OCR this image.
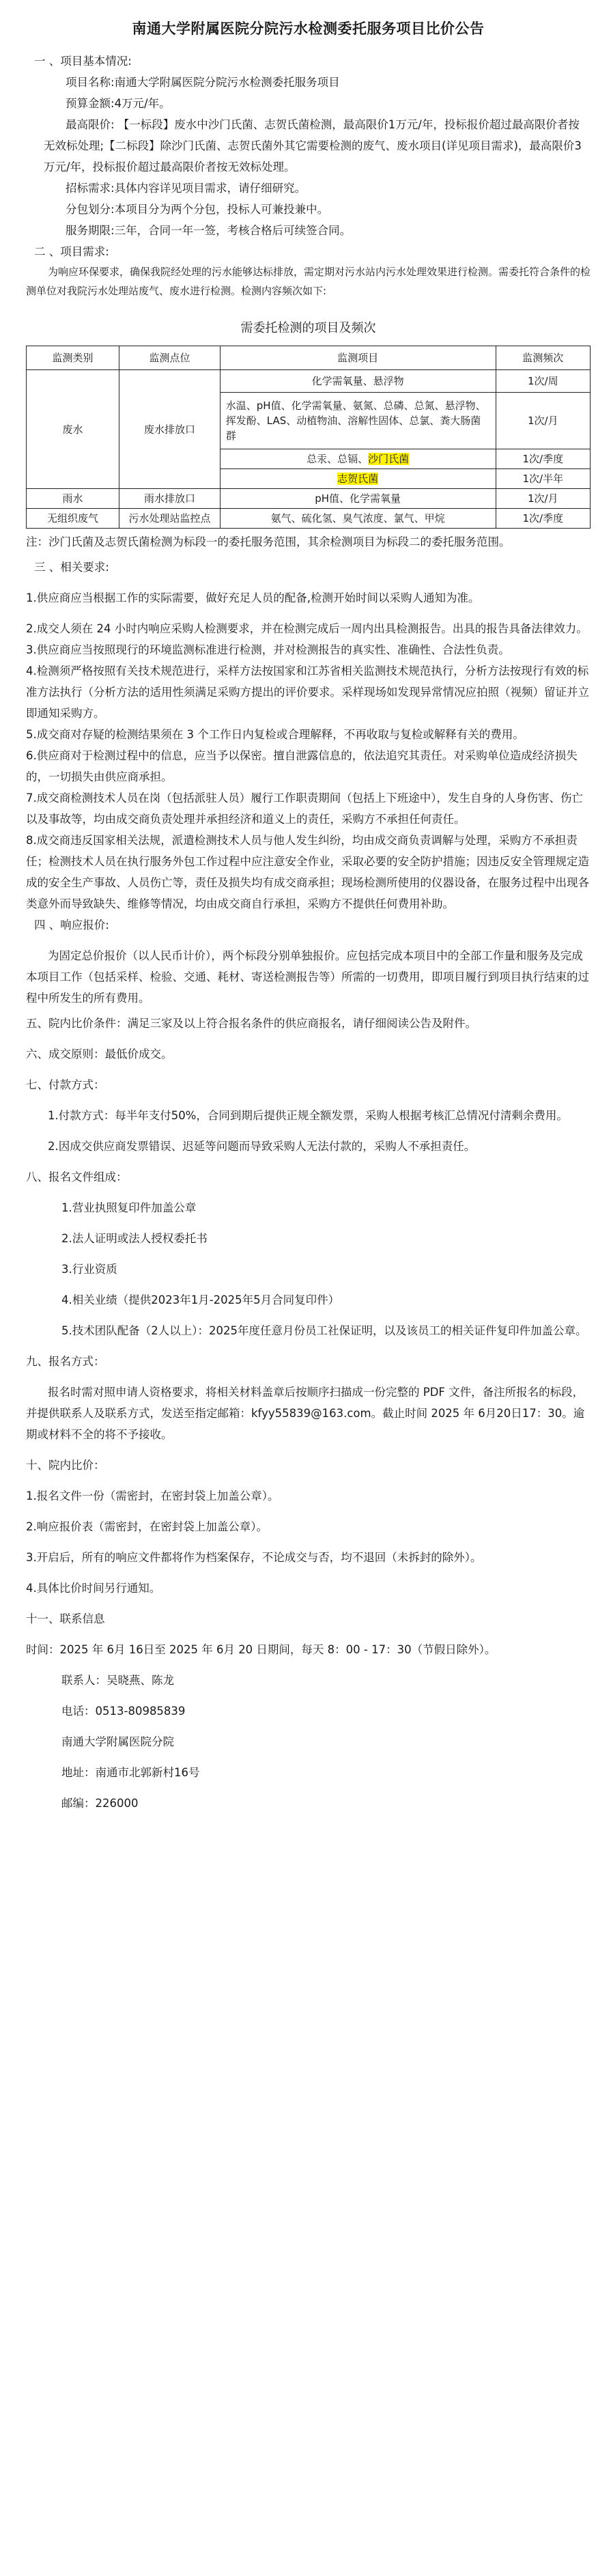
南通大学附属医院分院污水检测委托服务项目比价公告

一 、项目基本情况:

项目名称:南通大学附属医院分院污水检测委托服务项目

预算金额:4万元/年。

最高限价: 【一标段】废水中沙门氏菌、志贺氏菌检测，最高限价1万元/年，投标报价超过最高限价者按无效标处理;【二标段】除沙门氏菌、志贺氏菌外其它需要检测的废气、废水项目(详见项目需求)，最高限价3万元/年，投标报价超过最高限价者按无效标处理。

招标需求:具体内容详见项目需求，请仔细研究。

分包划分:本项目分为两个分包，投标人可兼投兼中。

服务期限:三年，合同一年一签，考核合格后可续签合同。

二 、项目需求:

为响应环保要求，确保我院经处理的污水能够达标排放，需定期对污水站内污水处理效果进行检测。需委托符合条件的检测单位对我院污水处理站废气、废水进行检测。检测内容频次如下:

需委托检测的项目及频次
监测类别	监测点位	监测项目	监测频次
废水	废水排放口	化学需氧量、悬浮物	1次/周
		水温、pH值、化学需氧量、氨氮、总磷、总氮、悬浮物、挥发酚、LAS、动植物油、溶解性固体、总氯、粪大肠菌群	1次/月
		总汞、总镉、沙门氏菌	1次/季度
		志贺氏菌	1次/半年
雨水	雨水排放口	pH值、化学需氧量	1次/月
无组织废气	污水处理站监控点	氨气、硫化氢、臭气浓度、氯气、甲烷	1次/季度

注：沙门氏菌及志贺氏菌检测为标段一的委托服务范围，其余检测项目为标段二的委托服务范围。

三 、相关要求:

1.供应商应当根据工作的实际需要，做好充足人员的配备,检测开始时间以采购人通知为准。

2.成交人须在 24 小时内响应采购人检测要求，并在检测完成后一周内出具检测报告。出具的报告具备法律效力。

3.供应商应当按照现行的环境监测标准进行检测，并对检测报告的真实性、准确性、合法性负责。

4.检测须严格按照有关技术规范进行，采样方法按国家和江苏省相关监测技术规范执行，分析方法按现行有效的标准方法执行（分析方法的适用性须满足采购方提出的评价要求。采样现场如发现异常情况应拍照（视频）留证并立即通知采购方。

5.成交商对存疑的检测结果须在 3 个工作日内复检或合理解释，不再收取与复检或解释有关的费用。

6.供应商对于检测过程中的信息，应当予以保密。擅自泄露信息的，依法追究其责任。对采购单位造成经济损失的，一切损失由供应商承担。

7.成交商检测技术人员在岗（包括派驻人员）履行工作职责期间（包括上下班途中），发生自身的人身伤害、伤亡以及事故等，均由成交商负责处理并承担经济和道义上的责任，采购方不承担任何责任。

8.成交商违反国家相关法规，派遣检测技术人员与他人发生纠纷，均由成交商负责调解与处理，采购方不承担责任；检测技术人员在执行服务外包工作过程中应注意安全作业，采取必要的安全防护措施；因违反安全管理规定造成的安全生产事故、人员伤亡等，责任及损失均有成交商承担；现场检测所使用的仪器设备，在服务过程中出现各类意外而导致缺失、维修等情况，均由成交商自行承担，采购方不提供任何费用补助。

四 、响应报价:

为固定总价报价（以人民币计价），两个标段分别单独报价。应包括完成本项目中的全部工作量和服务及完成本项目工作（包括采样、检验、交通、耗材、寄送检测报告等）所需的一切费用，即项目履行到项目执行结束的过程中所发生的所有费用。

五、院内比价条件：满足三家及以上符合报名条件的供应商报名，请仔细阅读公告及附件。

六、成交原则：最低价成交。

七、付款方式：

1.付款方式：每半年支付50%，合同到期后提供正规全额发票，采购人根据考核汇总情况付清剩余费用。

2.因成交供应商发票错误、迟延等问题而导致采购人无法付款的，采购人不承担责任。

八、报名文件组成：

1.营业执照复印件加盖公章

2.法人证明或法人授权委托书

3.行业资质

4.相关业绩（提供2023年1月-2025年5月合同复印件）

5.技术团队配备（2人以上）：2025年度任意月份员工社保证明，以及该员工的相关证件复印件加盖公章。

九、报名方式：

报名时需对照申请人资格要求，将相关材料盖章后按顺序扫描成一份完整的 PDF 文件，备注所报名的标段，并提供联系人及联系方式，发送至指定邮箱：kfyy55839@163.com。截止时间 2025 年 6月20日17：30。逾期或材料不全的将不予接收。

十、院内比价：

1.报名文件一份（需密封，在密封袋上加盖公章）。

2.响应报价表（需密封，在密封袋上加盖公章）。

3.开启后，所有的响应文件都将作为档案保存，不论成交与否，均不退回（未拆封的除外）。

4.具体比价时间另行通知。

十一、联系信息

时间：2025 年 6月 16日至 2025 年 6月 20 日期间，每天 8：00 - 17：30（节假日除外）。

联系人：吴晓燕、陈龙

电话：0513-80985839

南通大学附属医院分院

地址：南通市北郭新村16号

邮编：226000
